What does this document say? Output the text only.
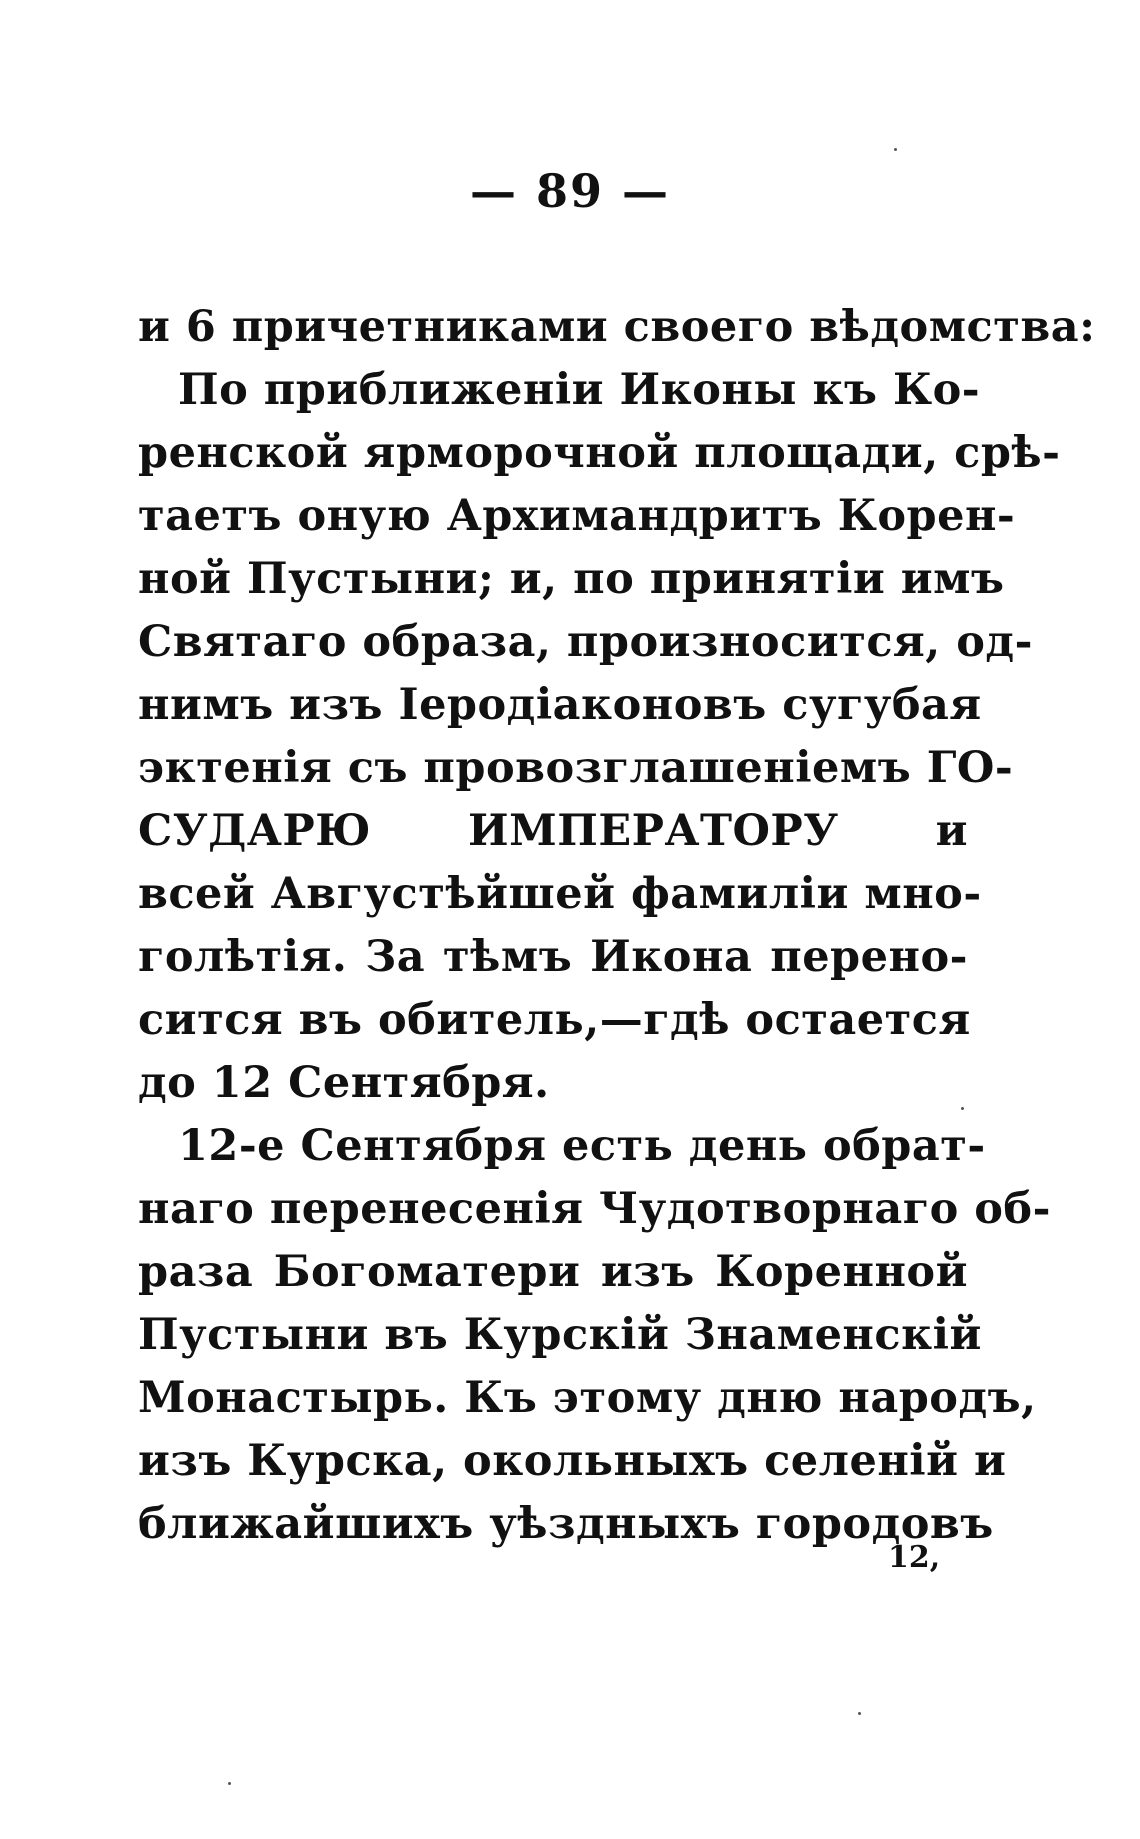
— 89 —
и 6 причетниками своего вѣдомства:
По приближенiи Иконы къ Ко-
ренской ярморочной площади, срѣ-
таетъ оную Архимандритъ Корен-
ной Пустыни; и, по принятiи имъ
Святаго образа, произносится, од-
нимъ изъ Iеродiаконовъ сугубая
эктенiя съ провозглашенiемъ ГО-
СУДАРЮ ИМПЕРАТОРУ и
всей Августѣйшей фамилiи мно-
голѣтiя. За тѣмъ Икона перено-
сится въ обитель,—гдѣ остается
до 12 Сентября.
12-е Сентября есть день обрат-
наго перенесенiя Чудотворнаго об-
раза Богоматери изъ Коренной
Пустыни въ Курскiй Знаменскiй
Монастырь. Къ этому дню народъ,
изъ Курска, окольныхъ селенiй и
ближайшихъ уѣздныхъ городовъ
12,
